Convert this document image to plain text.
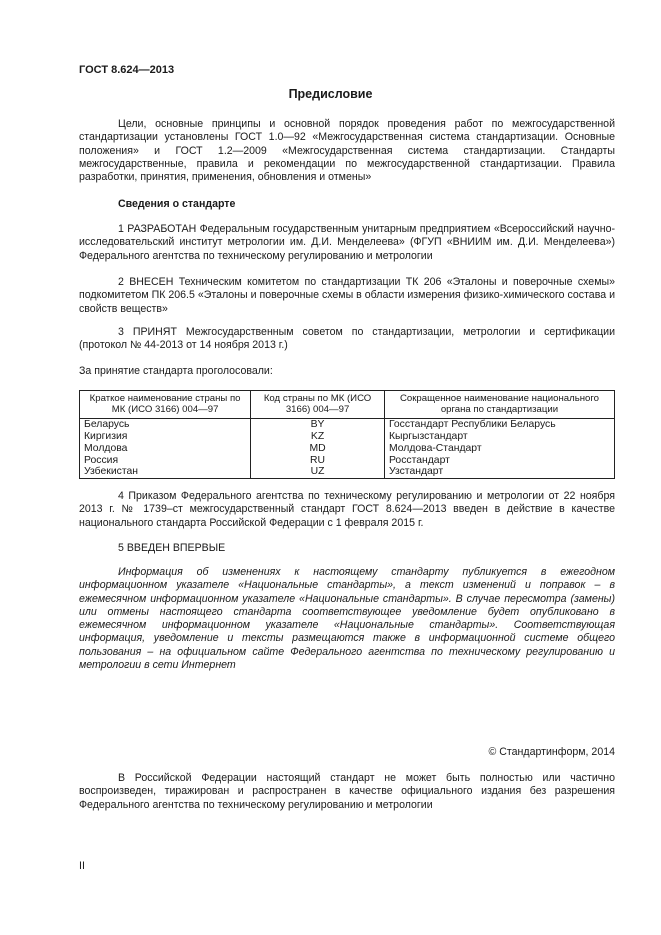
ГОСТ 8.624—2013
Предисловие
Цели, основные принципы и основной порядок проведения работ по межгосударственной стандартизации установлены ГОСТ 1.0—92 «Межгосударственная система стандартизации. Основные положения» и ГОСТ 1.2—2009 «Межгосударственная система стандартизации. Стандарты межгосударственные, правила и рекомендации по межгосударственной стандартизации. Правила разработки, принятия, применения, обновления и отмены»
Сведения о стандарте
1 РАЗРАБОТАН Федеральным государственным унитарным предприятием «Всероссийский научно-исследовательский институт метрологии им. Д.И. Менделеева» (ФГУП «ВНИИМ им. Д.И. Менделеева») Федерального агентства по техническому регулированию и метрологии
2 ВНЕСЕН Техническим комитетом по стандартизации ТК 206 «Эталоны и поверочные схемы» подкомитетом ПК 206.5 «Эталоны и поверочные схемы в области измерения физико-химического состава и свойств веществ»
3 ПРИНЯТ Межгосударственным советом по стандартизации, метрологии и сертификации (протокол № 44-2013 от 14 ноября 2013 г.)
За принятие стандарта проголосовали:
Краткое наименование страны по МК (ИСО 3166) 004—97	Код страны по МК (ИСО 3166) 004—97	Сокращенное наименование национального органа по стандартизации
Беларусь	BY	Госстандарт Республики Беларусь
Киргизия	KZ	Кыргызстандарт
Молдова	MD	Молдова-Стандарт
Россия	RU	Росстандарт
Узбекистан	UZ	Узстандарт
4 Приказом Федерального агентства по техническому регулированию и метрологии от 22 ноября 2013 г. № 1739–ст межгосударственный стандарт ГОСТ 8.624—2013 введен в действие в качестве национального стандарта Российской Федерации с 1 февраля 2015 г.
5 ВВЕДЕН ВПЕРВЫЕ
Информация об изменениях к настоящему стандарту публикуется в ежегодном информационном указателе «Национальные стандарты», а текст изменений и поправок – в ежемесячном информационном указателе «Национальные стандарты». В случае пересмотра (замены) или отмены настоящего стандарта соответствующее уведомление будет опубликовано в ежемесячном информационном указателе «Национальные стандарты». Соответствующая информация, уведомление и тексты размещаются также в информационной системе общего пользования – на официальном сайте Федерального агентства по техническому регулированию и метрологии в сети Интернет
© Стандартинформ, 2014
В Российской Федерации настоящий стандарт не может быть полностью или частично воспроизведен, тиражирован и распространен в качестве официального издания без разрешения Федерального агентства по техническому регулированию и метрологии
II
